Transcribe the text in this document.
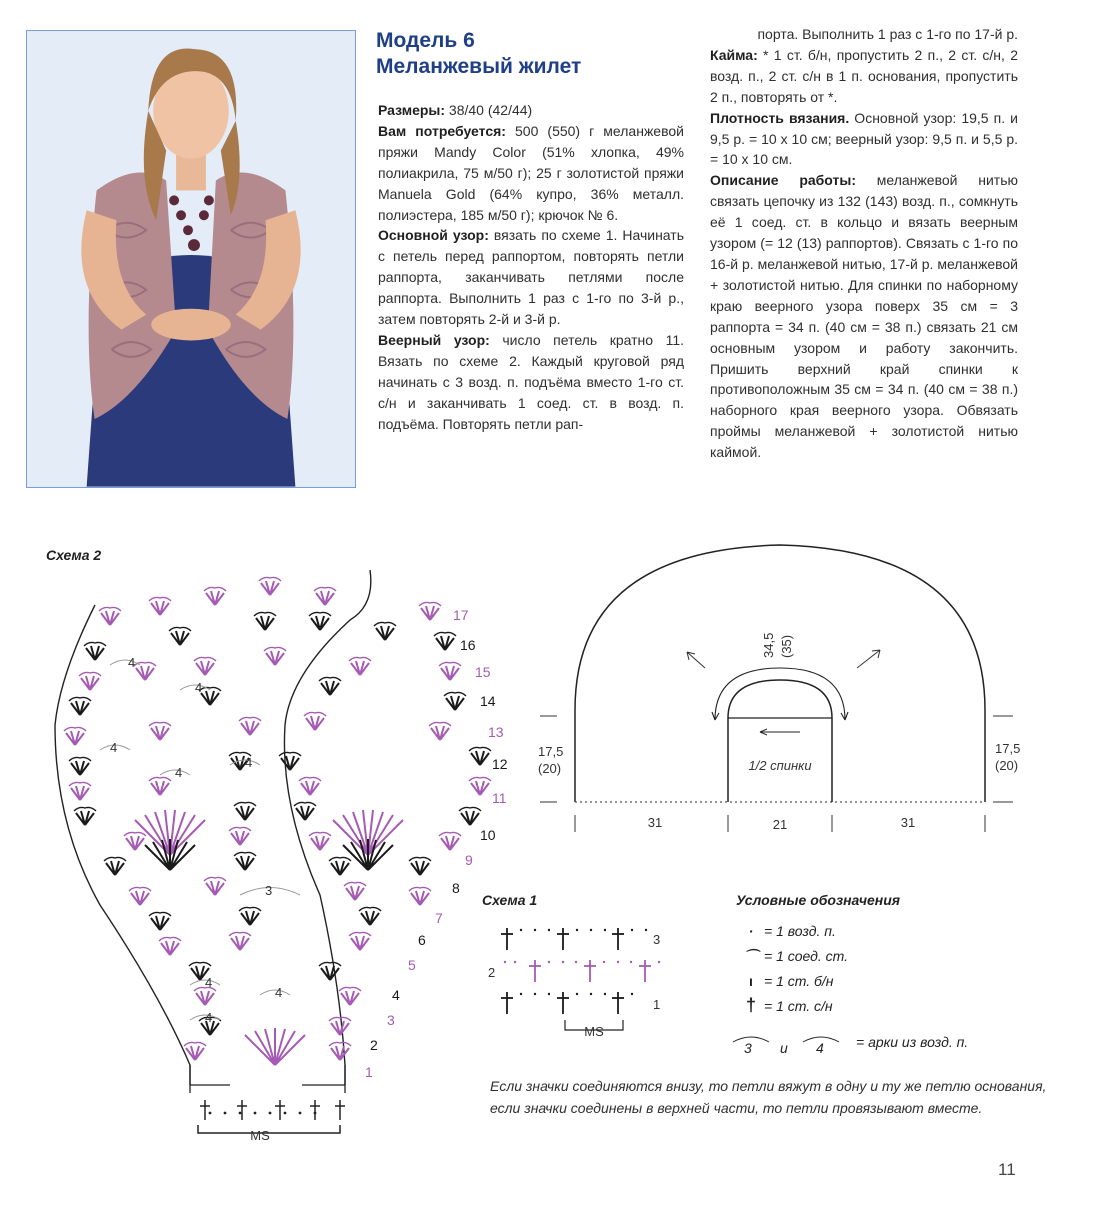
Модель 6
Меланжевый жилет

Размеры: 38/40 (42/44)

Вам потребуется: 500 (550) г меланжевой пряжи Mandy Color (51% хлопка, 49% полиакрила, 75 м/50 г); 25 г золотистой пряжи Manuela Gold (64% купро, 36% металл. полиэстера, 185 м/50 г); крючок № 6.

Основной узор: вязать по схеме 1. Начинать с петель перед раппортом, повторять петли раппорта, заканчивать петлями после раппорта. Выполнить 1 раз с 1-го по 3-й р., затем повторять 2-й и 3-й р.

Веерный узор: число петель кратно 11. Вязать по схеме 2. Каждый круговой ряд начинать с 3 возд. п. подъёма вместо 1-го ст. с/н и заканчивать 1 соед. ст. в возд. п. подъёма. Повторять петли рап-

порта. Выполнить 1 раз с 1-го по 17-й р.

Кайма: * 1 ст. б/н, пропустить 2 п., 2 ст. с/н, 2 возд. п., 2 ст. с/н в 1 п. основания, пропустить 2 п., повторять от *.

Плотность вязания. Основной узор: 19,5 п. и 9,5 р. = 10 х 10 см; веерный узор: 9,5 п. и 5,5 р. = 10 х 10 см.

Описание работы: меланжевой нитью связать цепочку из 132 (143) возд. п., сомкнуть её 1 соед. ст. в кольцо и вязать веерным узором (= 12 (13) раппортов). Связать с 1-го по 16-й р. меланжевой нитью, 17-й р. меланжевой + золотистой нитью. Для спинки по наборному краю веерного узора поверх 35 см = 3 раппорта = 34 п. (40 см = 38 п.) связать 21 см основным узором и работу закончить. Пришить верхний край спинки к противоположным 35 см = 34 п. (40 см = 38 п.) наборного края веерного узора. Обвязать проймы меланжевой + золотистой нитью каймой.

Схема 2
MS
4
4
4
4
4
3
4
4
4
17
16
15
14
13
12
11
10
9
8
7
6
5
4
3
2
1
1/2 спинки
34,5 (35)
17,5
(20)
17,5
(20)
31	21	31
Схема 1
MS
3
2
1
Условные обозначения
· = 1 возд. п.
⌒ = 1 соед. ст.
ı = 1 ст. б/н
† = 1 ст. с/н
3 и 4 = арки из возд. п.
Если значки соединяются внизу, то петли вяжут в одну и ту же петлю основания, если значки соединены в верхней части, то петли провязывают вместе.
11
